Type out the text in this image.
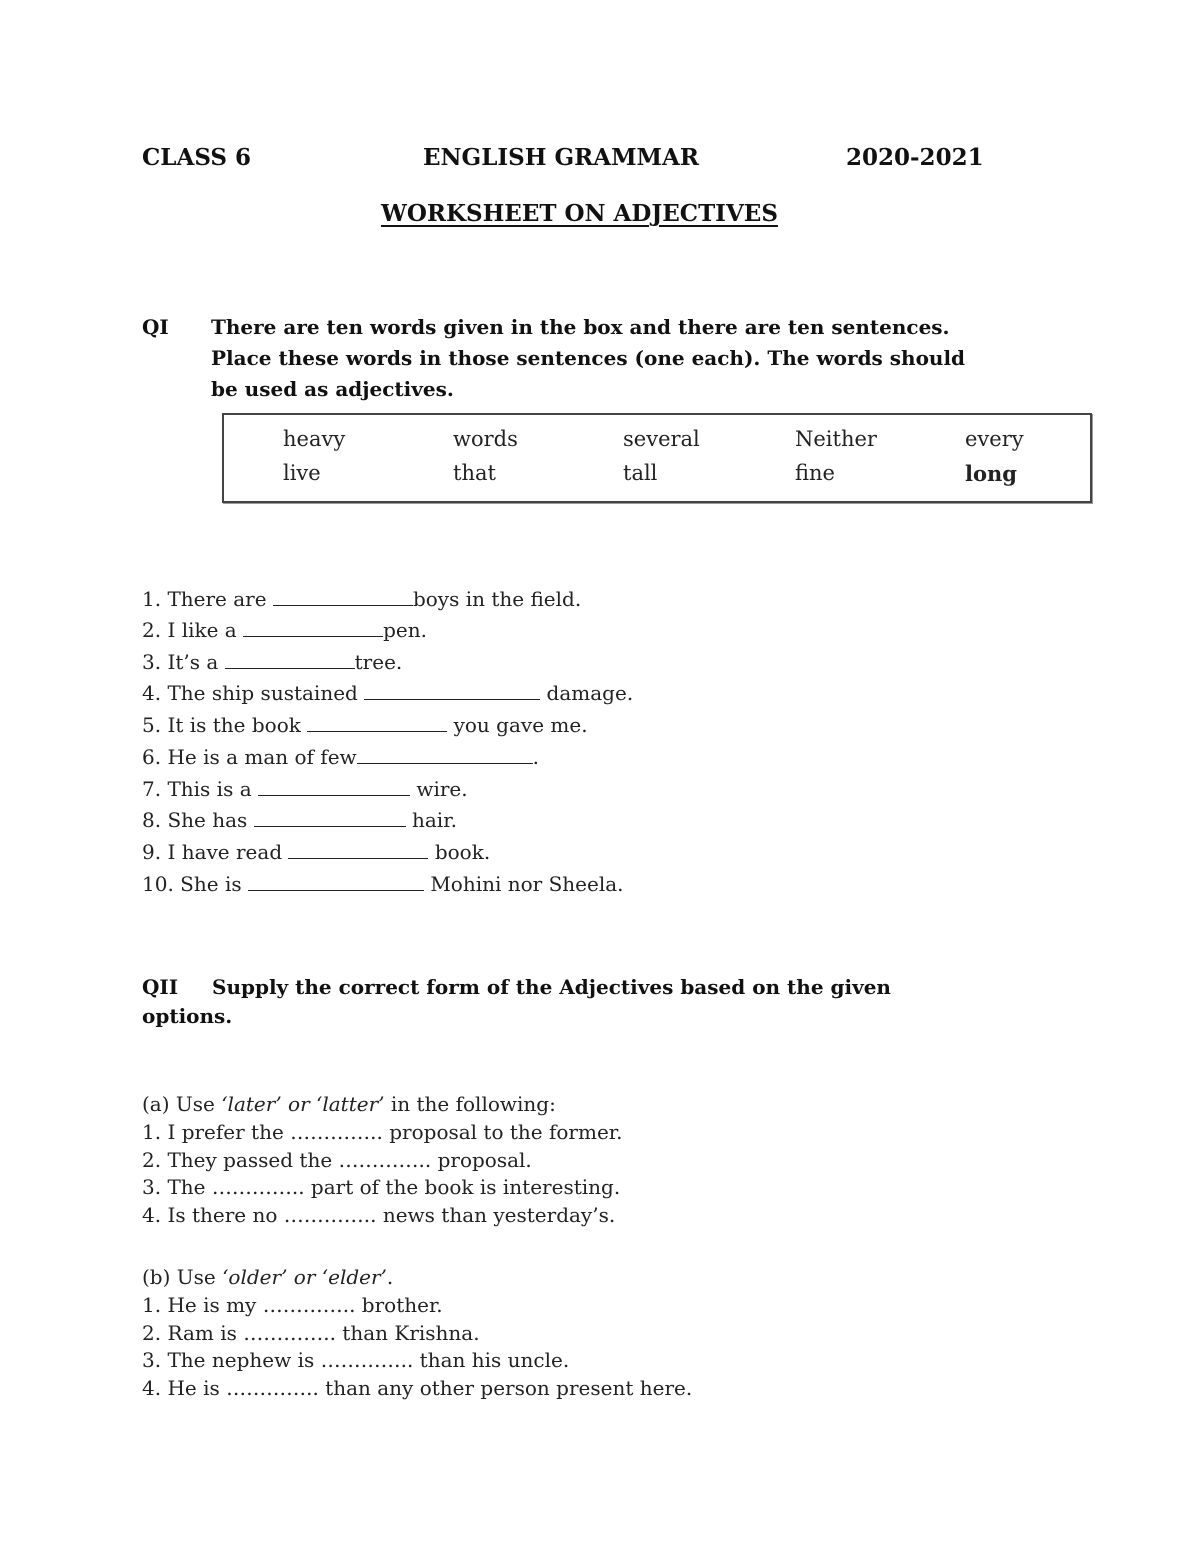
CLASS 6	ENGLISH GRAMMAR	2020-2021
WORKSHEET ON ADJECTIVES
QI There are ten words given in the box and there are ten sentences.
Place these words in those sentences (one each). The words should
be used as adjectives.
heavy	words	several	Neither	every
live	that	tall	fine	long
1. There are	boys in the field.
2. I like a	pen.
3. It’s a	tree.
4. The ship sustained	damage.
5. It is the book	you gave me.
6. He is a man of few	.
7. This is a	wire.
8. She has	hair.
9. I have read	book.
10. She is	Mohini nor Sheela.
QII Supply the correct form of the Adjectives based on the given
options.
(a) Use ‘later’ or ‘latter’ in the following:
1. I prefer the ………….. proposal to the former.
2. They passed the ………….. proposal.
3. The ………….. part of the book is interesting.
4. Is there no ………….. news than yesterday’s.
(b) Use ‘older’ or ‘elder’.
1. He is my ………….. brother.
2. Ram is ………….. than Krishna.
3. The nephew is ………….. than his uncle.
4. He is ………….. than any other person present here.
